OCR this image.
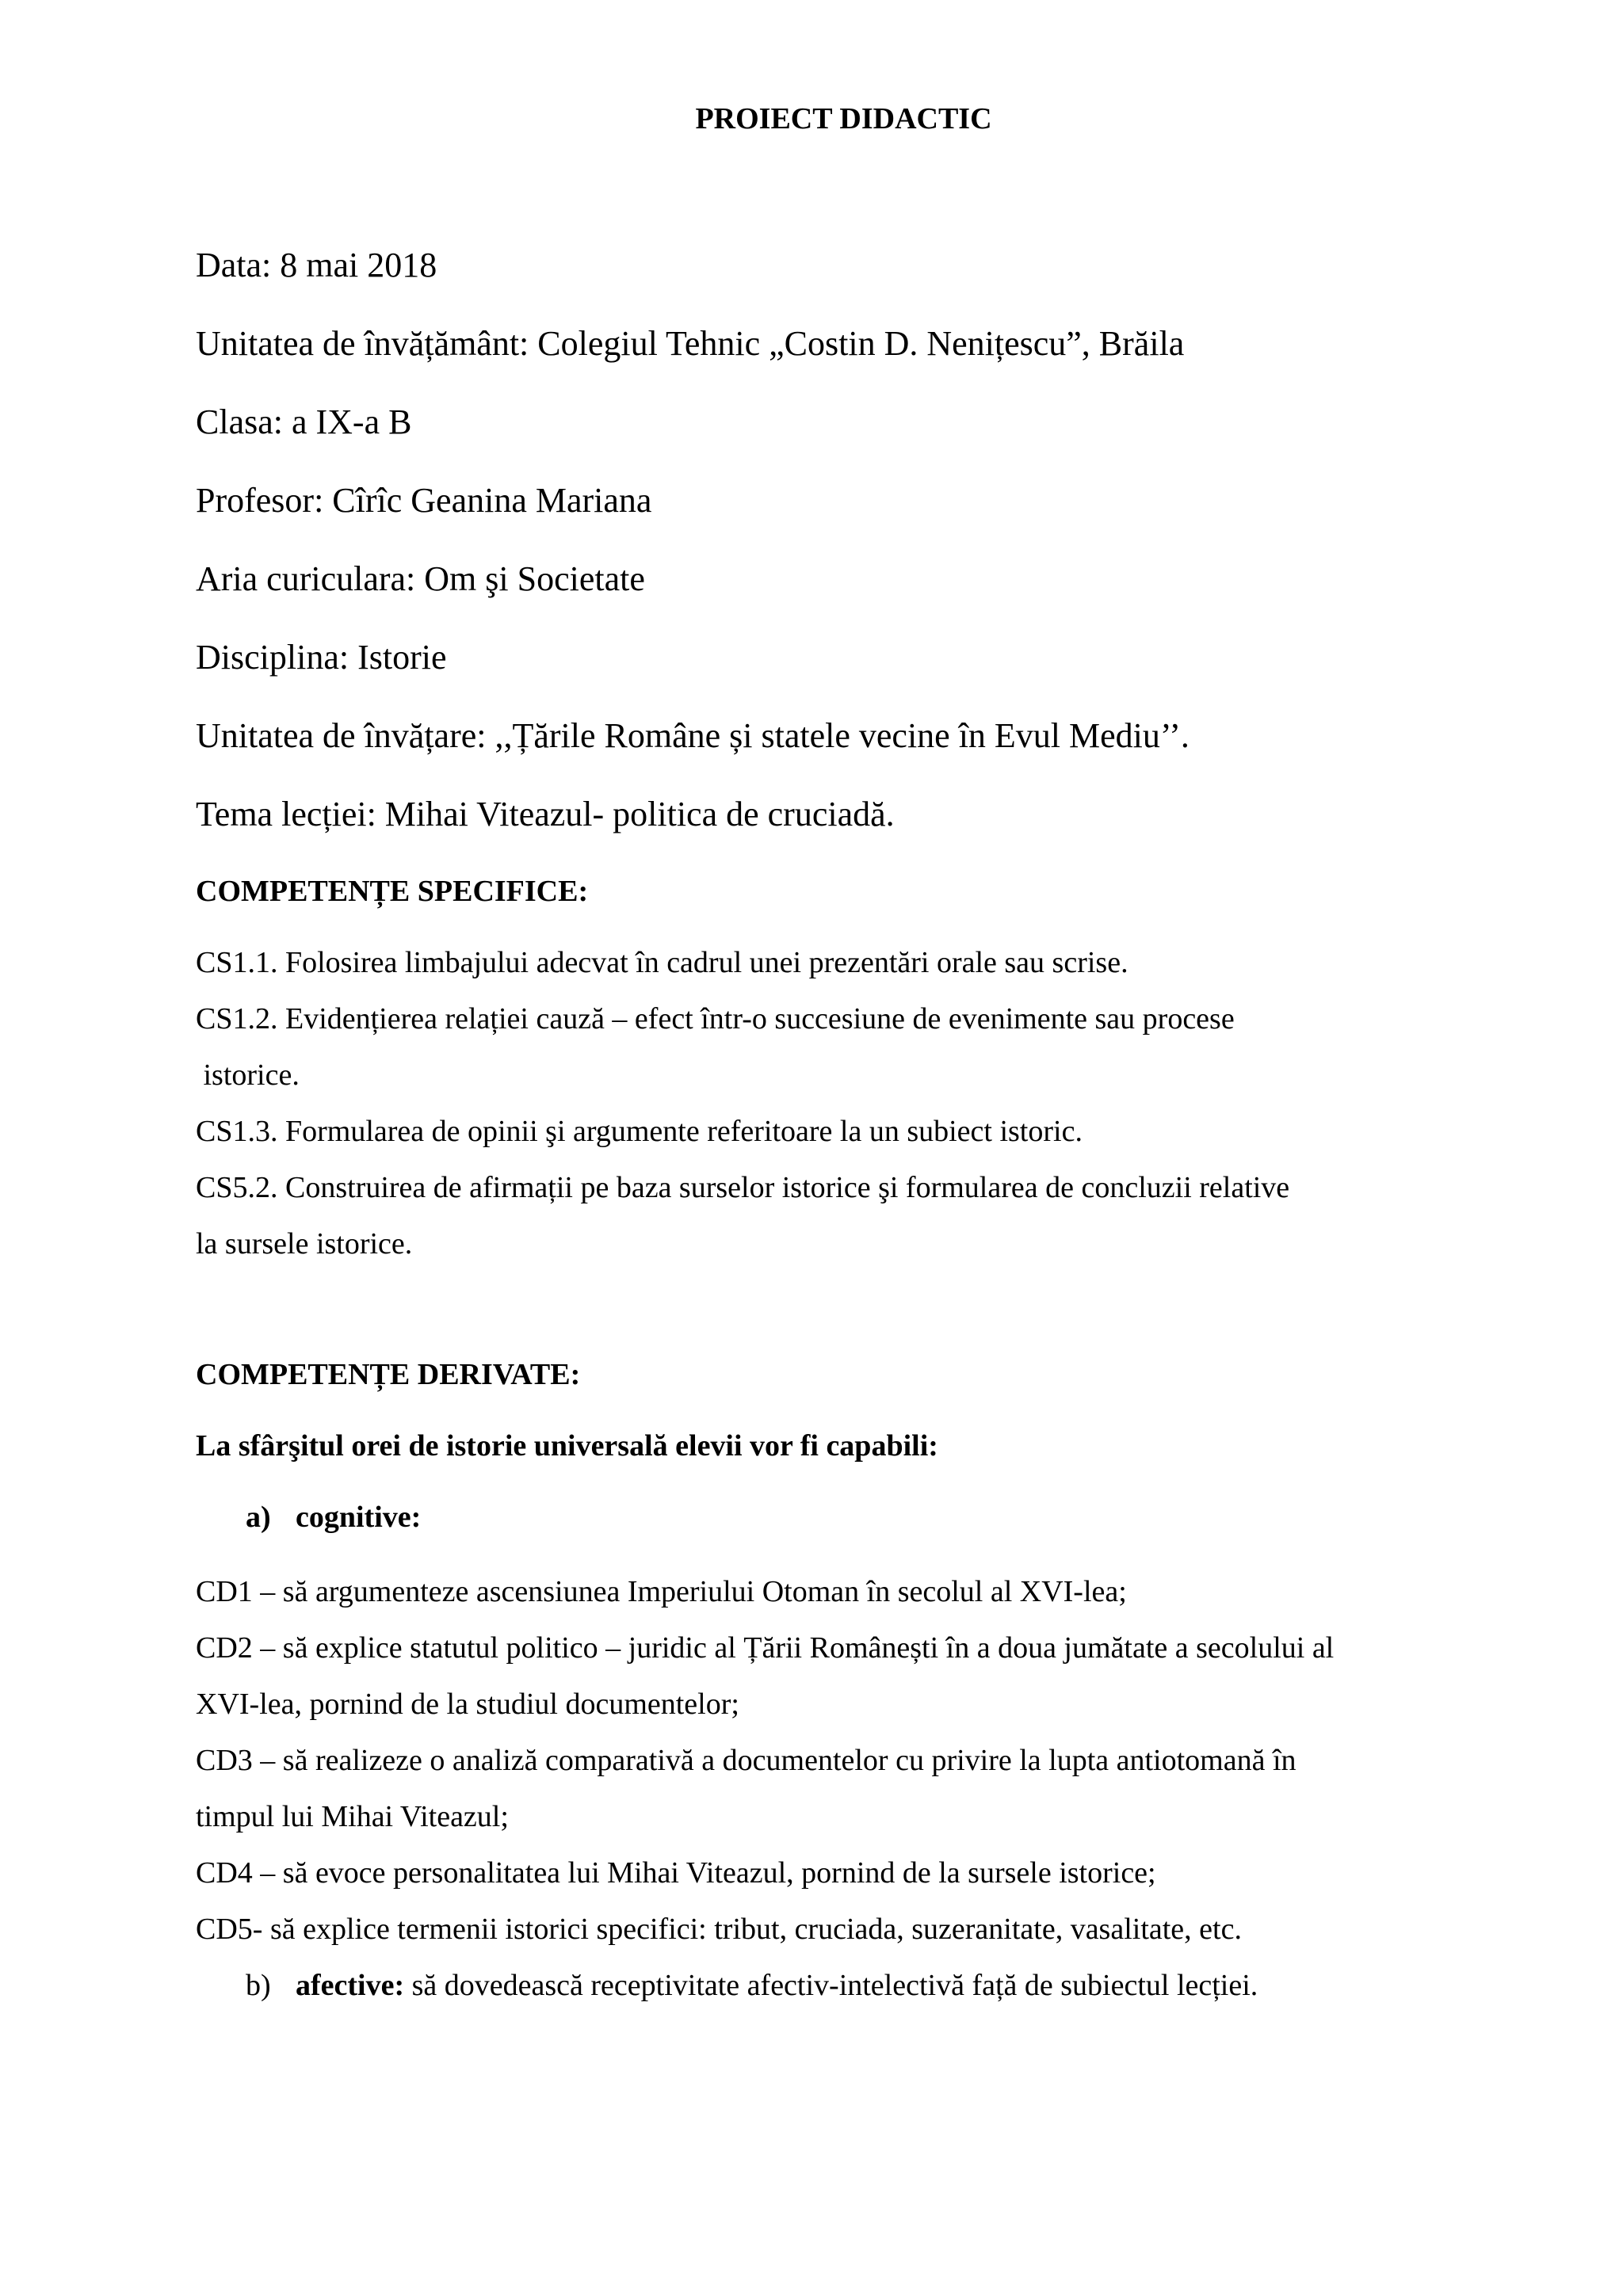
PROIECT DIDACTIC
Data: 8 mai 2018
Unitatea de învățământ: Colegiul Tehnic „Costin D. Nenițescu”, Brăila
Clasa: a IX-a B
Profesor: Cîrîc Geanina Mariana
Aria curiculara: Om şi Societate
Disciplina: Istorie
Unitatea de învățare: ,,Țările Române și statele vecine în Evul Mediu’’.
Tema lecției: Mihai Viteazul- politica de cruciadă.
COMPETENȚE SPECIFICE:
CS1.1. Folosirea limbajului adecvat în cadrul unei prezentări orale sau scrise.
CS1.2. Evidențierea relației cauză – efect într-o succesiune de evenimente sau procese
istorice.
CS1.3. Formularea de opinii şi argumente referitoare la un subiect istoric.
CS5.2. Construirea de afirmații pe baza surselor istorice şi formularea de concluzii relative
la sursele istorice.
COMPETENȚE DERIVATE:
La sfârşitul orei de istorie universală elevii vor fi capabili:
a) cognitive:
CD1 – să argumenteze ascensiunea Imperiului Otoman în secolul al XVI-lea;
CD2 – să explice statutul politico – juridic al Țării Românești în a doua jumătate a secolului al
XVI-lea, pornind de la studiul documentelor;
CD3 – să realizeze o analiză comparativă a documentelor cu privire la lupta antiotomană în
timpul lui Mihai Viteazul;
CD4 – să evoce personalitatea lui Mihai Viteazul, pornind de la sursele istorice;
CD5- să explice termenii istorici specifici: tribut, cruciada, suzeranitate, vasalitate, etc.
b) afective: să dovedească receptivitate afectiv-intelectivă față de subiectul lecției.
